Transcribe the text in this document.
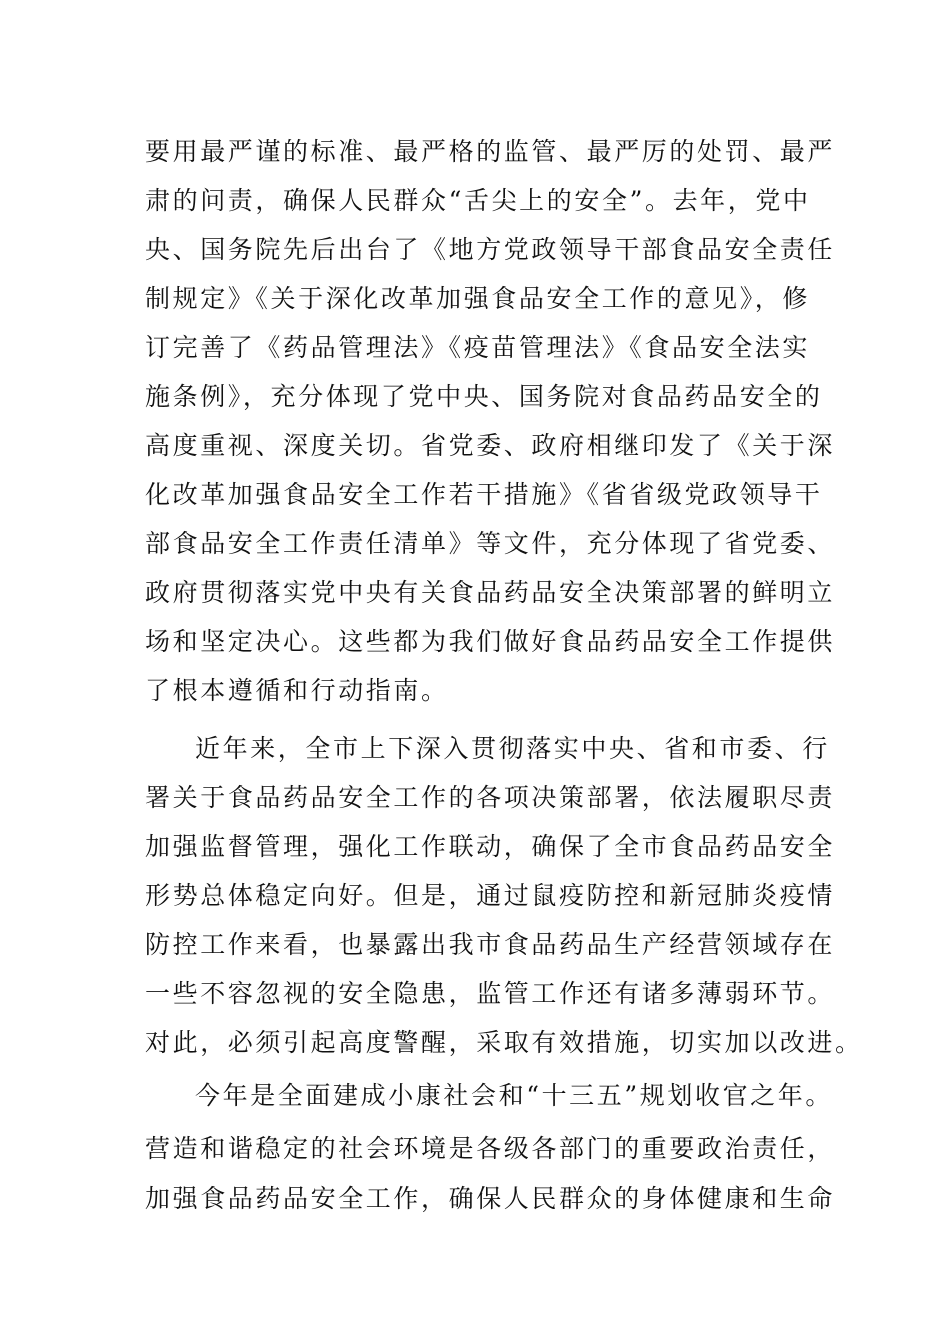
要用最严谨的标准、最严格的监管、最严厉的处罚、最严
肃的问责，确保人民群众“舌尖上的安全”。去年，党中
央、国务院先后出台了《地方党政领导干部食品安全责任
制规定》《关于深化改革加强食品安全工作的意见》，修
订完善了《药品管理法》《疫苗管理法》《食品安全法实
施条例》，充分体现了党中央、国务院对食品药品安全的
高度重视、深度关切。省党委、政府相继印发了《关于深
化改革加强食品安全工作若干措施》《省省级党政领导干
部食品安全工作责任清单》等文件，充分体现了省党委、
政府贯彻落实党中央有关食品药品安全决策部署的鲜明立
场和坚定决心。这些都为我们做好食品药品安全工作提供
了根本遵循和行动指南。
近年来，全市上下深入贯彻落实中央、省和市委、行
署关于食品药品安全工作的各项决策部署，依法履职尽责
加强监督管理，强化工作联动，确保了全市食品药品安全
形势总体稳定向好。但是，通过鼠疫防控和新冠肺炎疫情
防控工作来看，也暴露出我市食品药品生产经营领域存在
一些不容忽视的安全隐患，监管工作还有诸多薄弱环节。
对此，必须引起高度警醒，采取有效措施，切实加以改进。
今年是全面建成小康社会和“十三五”规划收官之年。
营造和谐稳定的社会环境是各级各部门的重要政治责任，
加强食品药品安全工作，确保人民群众的身体健康和生命
